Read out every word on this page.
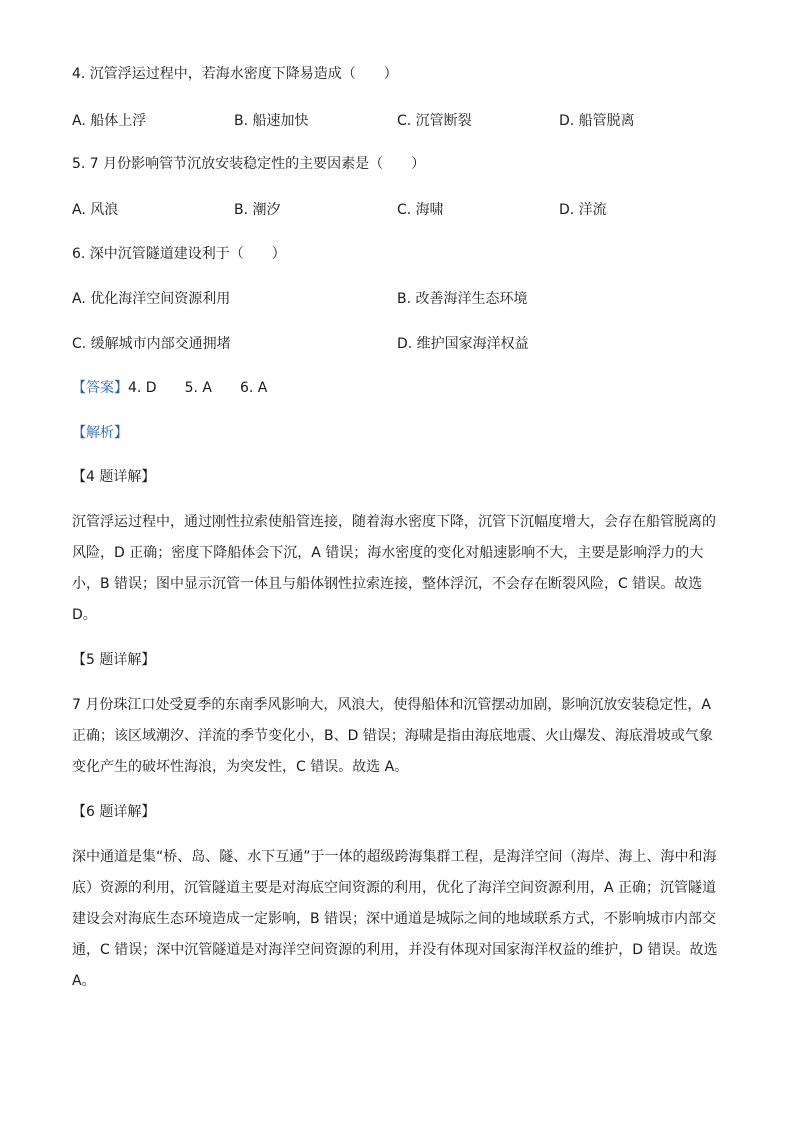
4. 沉管浮运过程中，若海水密度下降易造成（　　）
A. 船体上浮	B. 船速加快	C. 沉管断裂	D. 船管脱离
5. 7 月份影响管节沉放安装稳定性的主要因素是（　　）
A. 风浪	B. 潮汐	C. 海啸	D. 洋流
6. 深中沉管隧道建设利于（　　）
A. 优化海洋空间资源利用	B. 改善海洋生态环境
C. 缓解城市内部交通拥堵	D. 维护国家海洋权益
【答案】4. D　　5. A　　6. A
【解析】
【4 题详解】

沉管浮运过程中，通过刚性拉索使船管连接，随着海水密度下降，沉管下沉幅度增大，会存在船管脱离的

风险，D 正确；密度下降船体会下沉，A 错误；海水密度的变化对船速影响不大，主要是影响浮力的大

小，B 错误；图中显示沉管一体且与船体钢性拉索连接，整体浮沉，不会存在断裂风险，C 错误。故选

D。

【5 题详解】

7 月份珠江口处受夏季的东南季风影响大，风浪大，使得船体和沉管摆动加剧，影响沉放安装稳定性，A

正确；该区域潮汐、洋流的季节变化小，B、D 错误；海啸是指由海底地震、火山爆发、海底滑坡或气象

变化产生的破坏性海浪，为突发性，C 错误。故选 A。

【6 题详解】

深中通道是集“桥、岛、隧、水下互通”于一体的超级跨海集群工程，是海洋空间（海岸、海上、海中和海

底）资源的利用，沉管隧道主要是对海底空间资源的利用，优化了海洋空间资源利用，A 正确；沉管隧道

建设会对海底生态环境造成一定影响，B 错误；深中通道是城际之间的地域联系方式，不影响城市内部交

通，C 错误；深中沉管隧道是对海洋空间资源的利用，并没有体现对国家海洋权益的维护，D 错误。故选

A。
